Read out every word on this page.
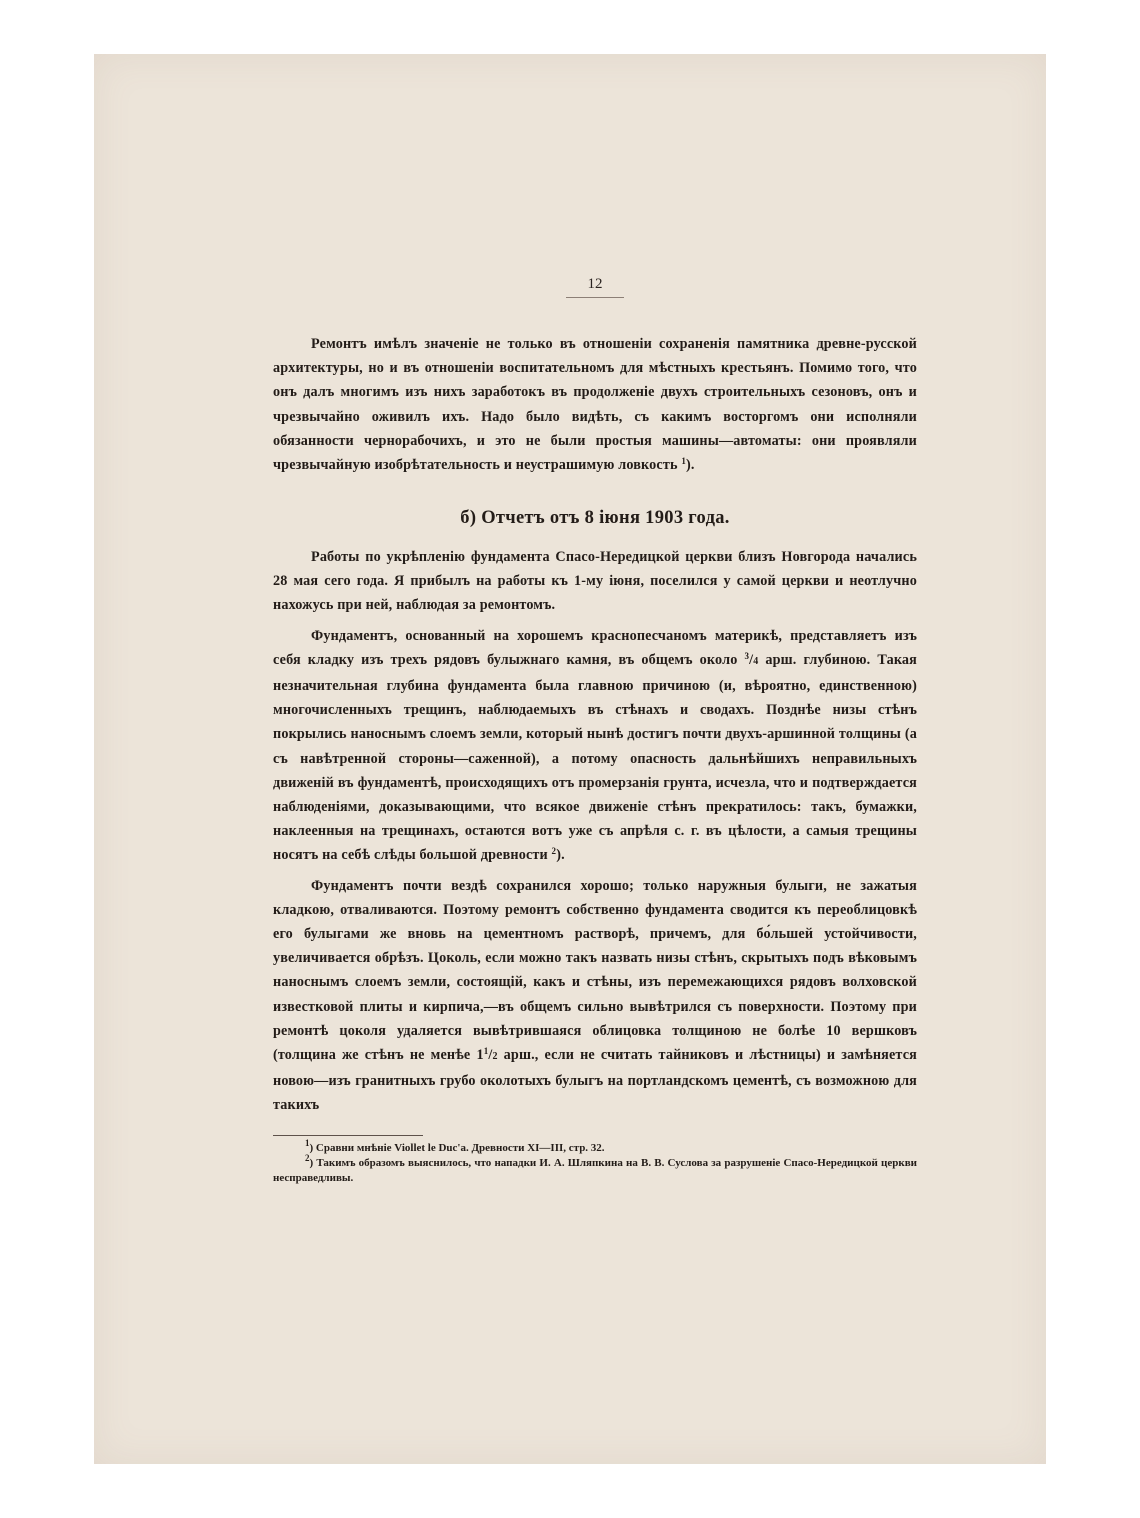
12

Ремонтъ имѣлъ значеніе не только въ отношеніи сохраненія памятника древне-русской архитектуры, но и въ отношеніи воспитательномъ для мѣстныхъ крестьянъ. Помимо того, что онъ далъ многимъ изъ нихъ заработокъ въ продолженіе двухъ строительныхъ сезоновъ, онъ и чрезвычайно оживилъ ихъ. Надо было видѣть, съ какимъ восторгомъ они исполняли обязанности чернорабочихъ, и это не были простыя машины—автоматы: они проявляли чрезвычайную изобрѣтательность и неустрашимую ловкость $^1$).

б) Отчетъ отъ 8 іюня 1903 года.

Работы по укрѣпленію фундамента Спасо-Нередицкой церкви близъ Новгорода начались 28 мая сего года. Я прибылъ на работы къ 1-му іюня, поселился у самой церкви и неотлучно нахожусь при ней, наблюдая за ремонтомъ.

Фундаментъ, основанный на хорошемъ краснопесчаномъ материкѣ, представляетъ изъ себя кладку изъ трехъ рядовъ булыжнаго камня, въ общемъ около $^3$/4 арш. глубиною. Такая незначительная глубина фундамента была главною причиною (и, вѣроятно, единственною) многочисленныхъ трещинъ, наблюдаемыхъ въ стѣнахъ и сводахъ. Позднѣе низы стѣнъ покрылись наноснымъ слоемъ земли, который нынѣ достигъ почти двухъ-аршинной толщины (а съ навѣтренной стороны—саженной), а потому опасность дальнѣйшихъ неправильныхъ движеній въ фундаментѣ, происходящихъ отъ промерзанія грунта, исчезла, что и подтверждается наблюденіями, доказывающими, что всякое движеніе стѣнъ прекратилось: такъ, бумажки, наклеенныя на трещинахъ, остаются вотъ уже съ апрѣля с. г. въ цѣлости, а самыя трещины носятъ на себѣ слѣды большой древности $^2$).

Фундаментъ почти вездѣ сохранился хорошо; только наружныя булыги, не зажатыя кладкою, отваливаются. Поэтому ремонтъ собственно фундамента сводится къ переоблицовкѣ его булыгами же вновь на цементномъ растворѣ, причемъ, для бо́льшей устойчивости, увеличивается обрѣзъ. Цоколь, если можно такъ назвать низы стѣнъ, скрытыхъ подъ вѣковымъ наноснымъ слоемъ земли, состоящій, какъ и стѣны, изъ перемежающихся рядовъ волховской известковой плиты и кирпича,—въ общемъ сильно вывѣтрился съ поверхности. Поэтому при ремонтѣ цоколя удаляется вывѣтрившаяся облицовка толщиною не болѣе 10 вершковъ (толщина же стѣнъ не менѣе $1^1/2$ арш., если не считать тайниковъ и лѣстницы) и замѣняется новою—изъ гранитныхъ грубо околотыхъ булыгъ на портландскомъ цементѣ, съ возможною для такихъ

$^1$) Сравни мнѣніе Viollet le Duc'a. Древности XI—III, стр. 32.

$^2$) Такимъ образомъ выяснилось, что нападки И. А. Шляпкина на В. В. Суслова за разрушеніе Спасо-Нередицкой церкви несправедливы.
